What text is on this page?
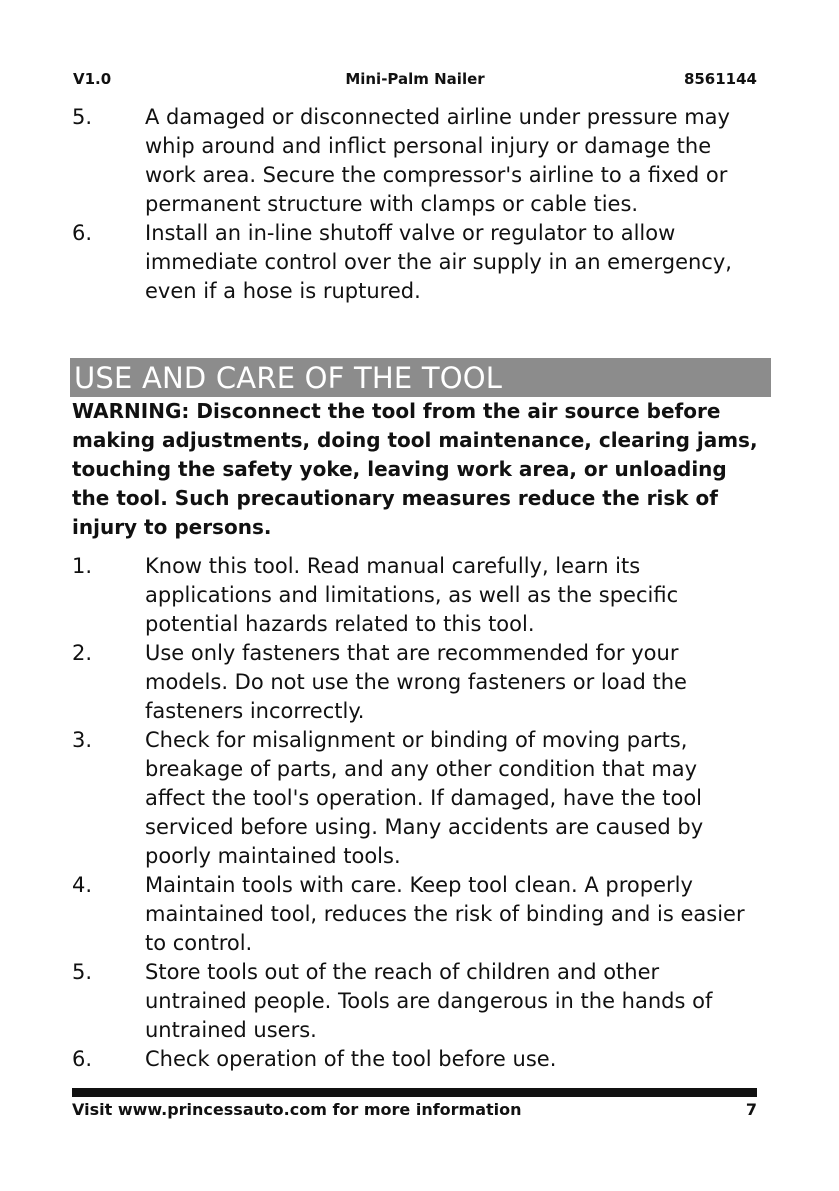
V1.0	Mini-Palm Nailer	8561144
5.	A damaged or disconnected airline under pressure may whip around and inflict personal injury or damage the work area. Secure the compressor's airline to a fixed or permanent structure with clamps or cable ties.
6.	Install an in-line shutoff valve or regulator to allow immediate control over the air supply in an emergency, even if a hose is ruptured.
USE AND CARE OF THE TOOL
WARNING: Disconnect the tool from the air source before making adjustments, doing tool maintenance, clearing jams, touching the safety yoke, leaving work area, or unloading the tool. Such precautionary measures reduce the risk of injury to persons.
1.	Know this tool. Read manual carefully, learn its applications and limitations, as well as the specific potential hazards related to this tool.
2.	Use only fasteners that are recommended for your models. Do not use the wrong fasteners or load the fasteners incorrectly.
3.	Check for misalignment or binding of moving parts, breakage of parts, and any other condition that may affect the tool's operation. If damaged, have the tool serviced before using. Many accidents are caused by poorly maintained tools.
4.	Maintain tools with care. Keep tool clean. A properly maintained tool, reduces the risk of binding and is easier to control.
5.	Store tools out of the reach of children and other untrained people. Tools are dangerous in the hands of untrained users.
6.	Check operation of the tool before use.
Visit www.princessauto.com for more information	7
